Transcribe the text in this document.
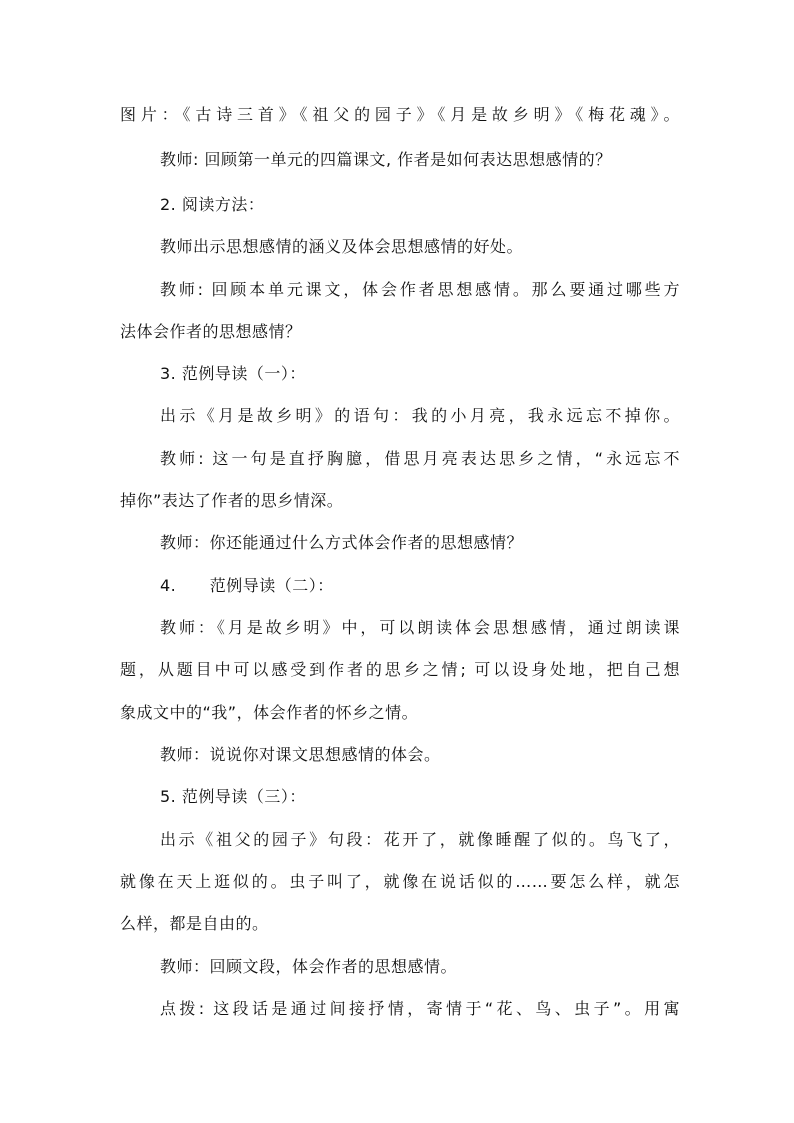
图片：《古诗三首》《祖父的园子》《月是故乡明》《梅花魂》。
教师: 回顾第一单元的四篇课文, 作者是如何表达思想感情的？
2. 阅读方法：
教师出示思想感情的涵义及体会思想感情的好处。
教师: 回顾本单元课文，体会作者思想感情。那么要通过哪些方
法体会作者的思想感情？
3. 范例导读（一）：
出示《月是故乡明》的语句：我的小月亮，我永远忘不掉你。
教师: 这一句是直抒胸臆，借思月亮表达思乡之情，“永远忘不
掉你”表达了作者的思乡情深。
教师：你还能通过什么方式体会作者的思想感情？
4.      范例导读（二）：
教师：《月是故乡明》中，可以朗读体会思想感情，通过朗读课
题，从题目中可以感受到作者的思乡之情; 可以设身处地，把自己想
象成文中的“我”，体会作者的怀乡之情。
教师：说说你对课文思想感情的体会。
5. 范例导读（三）：
出示《祖父的园子》句段：花开了，就像睡醒了似的。鸟飞了，
就像在天上逛似的。虫子叫了，就像在说话似的……要怎么样，就怎
么样，都是自由的。
教师：回顾文段，体会作者的思想感情。
点拨: 这段话是通过间接抒情，寄情于“花、鸟、虫子”。用寓
